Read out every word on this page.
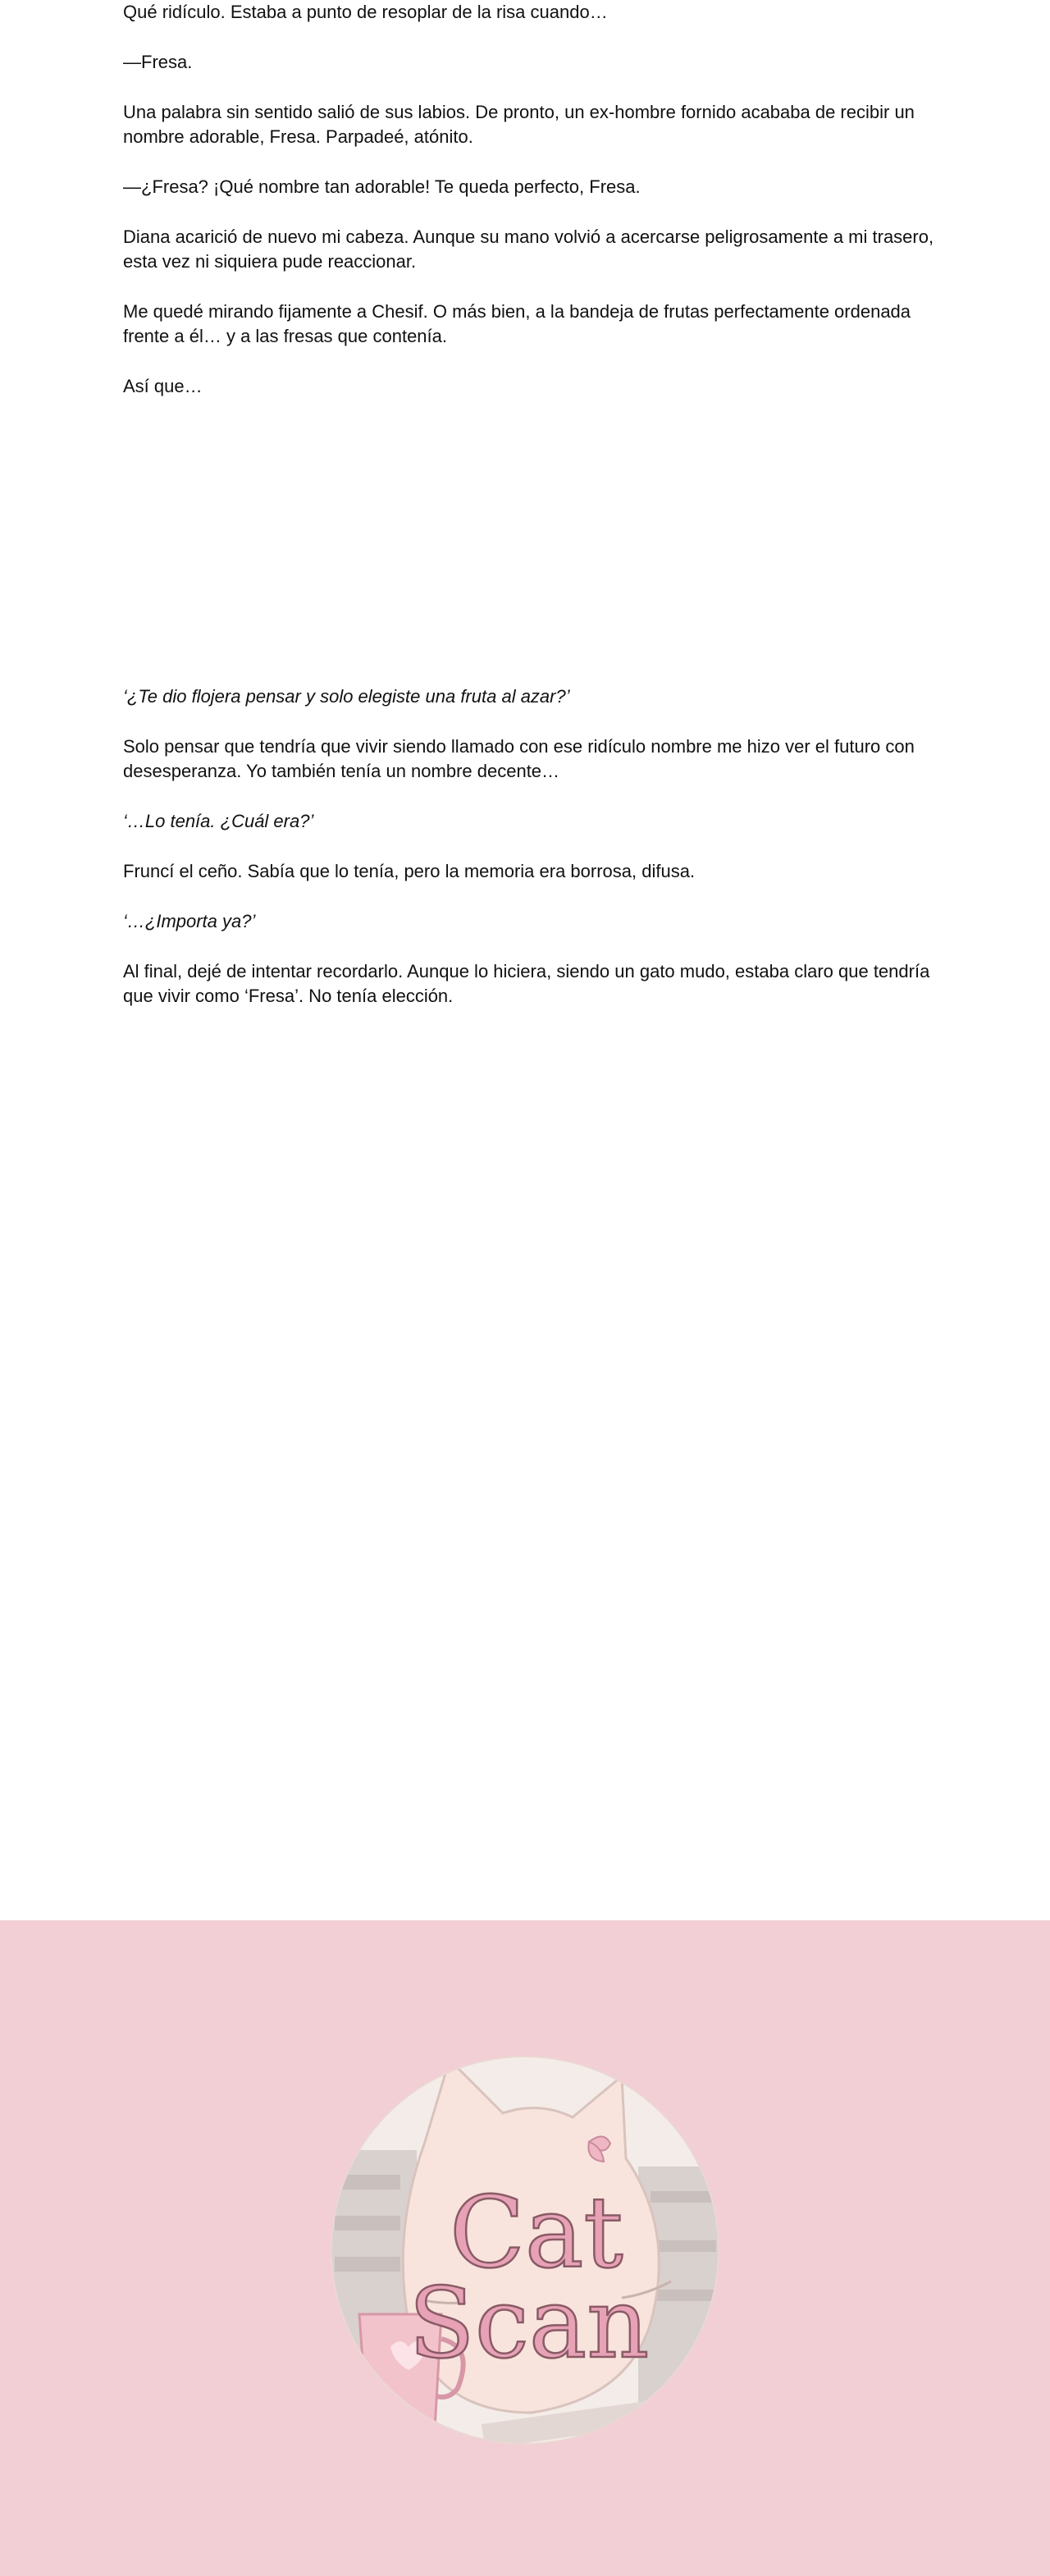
Qué ridículo. Estaba a punto de resoplar de la risa cuando…

—Fresa.

Una palabra sin sentido salió de sus labios. De pronto, un ex-hombre fornido acababa de recibir un nombre adorable, Fresa. Parpadeé, atónito.

—¿Fresa? ¡Qué nombre tan adorable! Te queda perfecto, Fresa.

Diana acarició de nuevo mi cabeza. Aunque su mano volvió a acercarse peligrosamente a mi trasero, esta vez ni siquiera pude reaccionar.

Me quedé mirando fijamente a Chesif. O más bien, a la bandeja de frutas perfectamente ordenada frente a él… y a las fresas que contenía.

Así que…

‘¿Te dio flojera pensar y solo elegiste una fruta al azar?’

Solo pensar que tendría que vivir siendo llamado con ese ridículo nombre me hizo ver el futuro con desesperanza. Yo también tenía un nombre decente…

‘…Lo tenía. ¿Cuál era?’

Fruncí el ceño. Sabía que lo tenía, pero la memoria era borrosa, difusa.

‘…¿Importa ya?’

Al final, dejé de intentar recordarlo. Aunque lo hiciera, siendo un gato mudo, estaba claro que tendría que vivir como ‘Fresa’. No tenía elección.

Cat
Scan
